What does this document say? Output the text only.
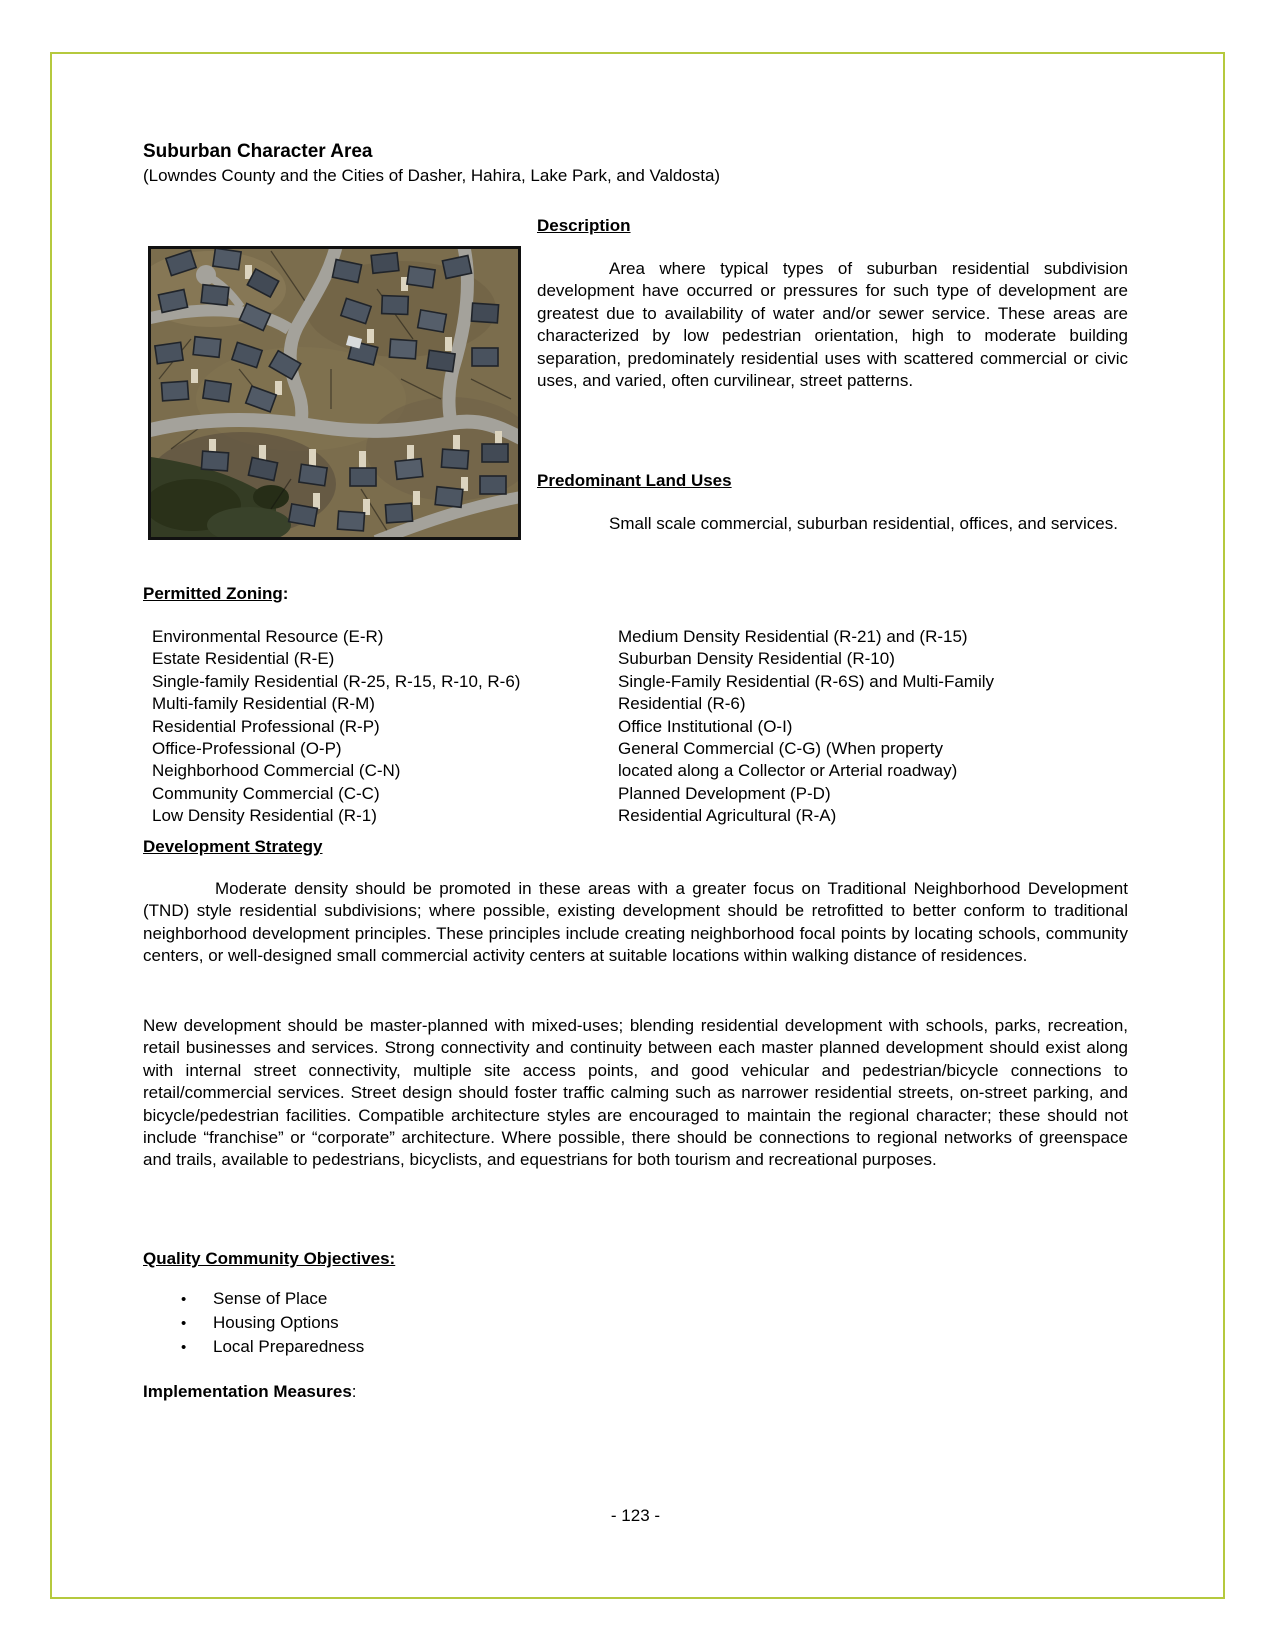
Suburban Character Area
(Lowndes County and the Cities of Dasher, Hahira, Lake Park, and Valdosta)
Description
Area where typical types of suburban residential subdivision development have occurred or pressures for such type of development are greatest due to availability of water and/or sewer service. These areas are characterized by low pedestrian orientation, high to moderate building separation, predominately residential uses with scattered commercial or civic uses, and varied, often curvilinear, street patterns.
Predominant Land Uses
Small scale commercial, suburban residential, offices, and services.
Permitted Zoning:
Environmental Resource (E-R)
Estate Residential (R-E)
Single-family Residential (R-25, R-15, R-10, R-6)
Multi-family Residential (R-M)
Residential Professional (R-P)
Office-Professional (O-P)
Neighborhood Commercial (C-N)
Community Commercial (C-C)
Low Density Residential (R-1)
Medium Density Residential (R-21) and (R-15)
Suburban Density Residential (R-10)
Single-Family Residential (R-6S) and Multi-Family
Residential (R-6)
Office Institutional (O-I)
General Commercial (C-G) (When property
located along a Collector or Arterial roadway)
Planned Development (P-D)
Residential Agricultural (R-A)
Development Strategy
Moderate density should be promoted in these areas with a greater focus on Traditional Neighborhood Development (TND) style residential subdivisions; where possible, existing development should be retrofitted to better conform to traditional neighborhood development principles. These principles include creating neighborhood focal points by locating schools, community centers, or well-designed small commercial activity centers at suitable locations within walking distance of residences.
New development should be master-planned with mixed-uses; blending residential development with schools, parks, recreation, retail businesses and services. Strong connectivity and continuity between each master planned development should exist along with internal street connectivity, multiple site access points, and good vehicular and pedestrian/bicycle connections to retail/commercial services. Street design should foster traffic calming such as narrower residential streets, on-street parking, and bicycle/pedestrian facilities. Compatible architecture styles are encouraged to maintain the regional character; these should not include “franchise” or “corporate” architecture. Where possible, there should be connections to regional networks of greenspace and trails, available to pedestrians, bicyclists, and equestrians for both tourism and recreational purposes.
Quality Community Objectives:
•	Sense of Place
•	Housing Options
•	Local Preparedness
Implementation Measures:
- 123 -
